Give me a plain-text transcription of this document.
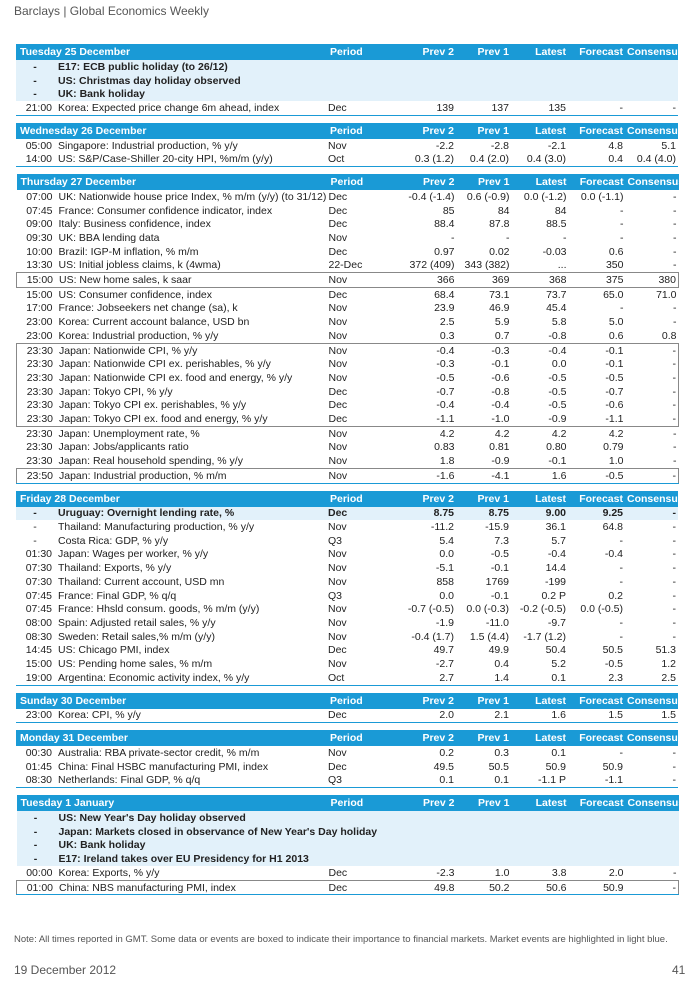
Barclays | Global Economics Weekly
Tuesday 25 December	Period	Prev 2	Prev 1	Latest	Forecast	Consensus
- E17: ECB public holiday (to 26/12)						
- US: Christmas day holiday observed						
- UK: Bank holiday						
21:00 Korea: Expected price change 6m ahead, index	Dec	139	137	135	-	-
Wednesday 26 December	Period	Prev 2	Prev 1	Latest	Forecast	Consensus
05:00 Singapore: Industrial production, % y/y	Nov	-2.2	-2.8	-2.1	4.8	5.1
14:00 US: S&P/Case-Shiller 20-city HPI, %m/m (y/y)	Oct	0.3 (1.2)	0.4 (2.0)	0.4 (3.0)	0.4	0.4 (4.0)
Thursday 27 December	Period	Prev 2	Prev 1	Latest	Forecast	Consensus
07:00 UK: Nationwide house price Index, % m/m (y/y) (to 31/12)	Dec	-0.4 (-1.4)	0.6 (-0.9)	0.0 (-1.2)	0.0 (-1.1)	-
07:45 France: Consumer confidence indicator, index	Dec	85	84	84	-	-
09:00 Italy: Business confidence, index	Dec	88.4	87.8	88.5	-	-
09:30 UK: BBA lending data	Nov	-	-	-	-	-
10:00 Brazil: IGP-M inflation, % m/m	Dec	0.97	0.02	-0.03	0.6	-
13:30 US: Initial jobless claims, k (4wma)	22-Dec	372 (409)	343 (382)	...	350	-
15:00 US: New home sales, k saar	Nov	366	369	368	375	380
15:00 US: Consumer confidence, index	Dec	68.4	73.1	73.7	65.0	71.0
17:00 France: Jobseekers net change (sa), k	Nov	23.9	46.9	45.4	-	-
23:00 Korea: Current account balance, USD bn	Nov	2.5	5.9	5.8	5.0	-
23:00 Korea: Industrial production, % y/y	Nov	0.3	0.7	-0.8	0.6	0.8
23:30 Japan: Nationwide CPI, % y/y	Nov	-0.4	-0.3	-0.4	-0.1	-
23:30 Japan: Nationwide CPI ex. perishables, % y/y	Nov	-0.3	-0.1	0.0	-0.1	-
23:30 Japan: Nationwide CPI ex. food and energy, % y/y	Nov	-0.5	-0.6	-0.5	-0.5	-
23:30 Japan: Tokyo CPI, % y/y	Dec	-0.7	-0.8	-0.5	-0.7	-
23:30 Japan: Tokyo CPI ex. perishables, % y/y	Dec	-0.4	-0.4	-0.5	-0.6	-
23:30 Japan: Tokyo CPI ex. food and energy, % y/y	Dec	-1.1	-1.0	-0.9	-1.1	-
23:30 Japan: Unemployment rate, %	Nov	4.2	4.2	4.2	4.2	-
23:30 Japan: Jobs/applicants ratio	Nov	0.83	0.81	0.80	0.79	-
23:30 Japan: Real household spending, % y/y	Nov	1.8	-0.9	-0.1	1.0	-
23:50 Japan: Industrial production, % m/m	Nov	-1.6	-4.1	1.6	-0.5	-
Friday 28 December	Period	Prev 2	Prev 1	Latest	Forecast	Consensus
- Uruguay: Overnight lending rate, %	Dec	8.75	8.75	9.00	9.25	-
- Thailand: Manufacturing production, % y/y	Nov	-11.2	-15.9	36.1	64.8	-
- Costa Rica: GDP, % y/y	Q3	5.4	7.3	5.7	-	-
01:30 Japan: Wages per worker, % y/y	Nov	0.0	-0.5	-0.4	-0.4	-
07:30 Thailand: Exports, % y/y	Nov	-5.1	-0.1	14.4	-	-
07:30 Thailand: Current account, USD mn	Nov	858	1769	-199	-	-
07:45 France: Final GDP, % q/q	Q3	0.0	-0.1	0.2 P	0.2	-
07:45 France: Hhsld consum. goods, % m/m (y/y)	Nov	-0.7 (-0.5)	0.0 (-0.3)	-0.2 (-0.5)	0.0 (-0.5)	-
08:00 Spain: Adjusted retail sales, % y/y	Nov	-1.9	-11.0	-9.7	-	-
08:30 Sweden: Retail sales,% m/m (y/y)	Nov	-0.4 (1.7)	1.5 (4.4)	-1.7 (1.2)	-	-
14:45 US: Chicago PMI, index	Dec	49.7	49.9	50.4	50.5	51.3
15:00 US: Pending home sales, % m/m	Nov	-2.7	0.4	5.2	-0.5	1.2
19:00 Argentina: Economic activity index, % y/y	Oct	2.7	1.4	0.1	2.3	2.5
Sunday 30 December	Period	Prev 2	Prev 1	Latest	Forecast	Consensus
23:00 Korea: CPI, % y/y	Dec	2.0	2.1	1.6	1.5	1.5
Monday 31 December	Period	Prev 2	Prev 1	Latest	Forecast	Consensus
00:30 Australia: RBA private-sector credit, % m/m	Nov	0.2	0.3	0.1	-	-
01:45 China: Final HSBC manufacturing PMI, index	Dec	49.5	50.5	50.9	50.9	-
08:30 Netherlands: Final GDP, % q/q	Q3	0.1	0.1	-1.1 P	-1.1	-
Tuesday 1 January	Period	Prev 2	Prev 1	Latest	Forecast	Consensus
- US: New Year's Day holiday observed						
- Japan: Markets closed in observance of New Year's Day holiday						
- UK: Bank holiday						
- E17: Ireland takes over EU Presidency for H1 2013						
00:00 Korea: Exports, % y/y	Dec	-2.3	1.0	3.8	2.0	-
01:00 China: NBS manufacturing PMI, index	Dec	49.8	50.2	50.6	50.9	-
Note: All times reported in GMT. Some data or events are boxed to indicate their importance to financial markets. Market events are highlighted in light blue.
19 December 2012	41
